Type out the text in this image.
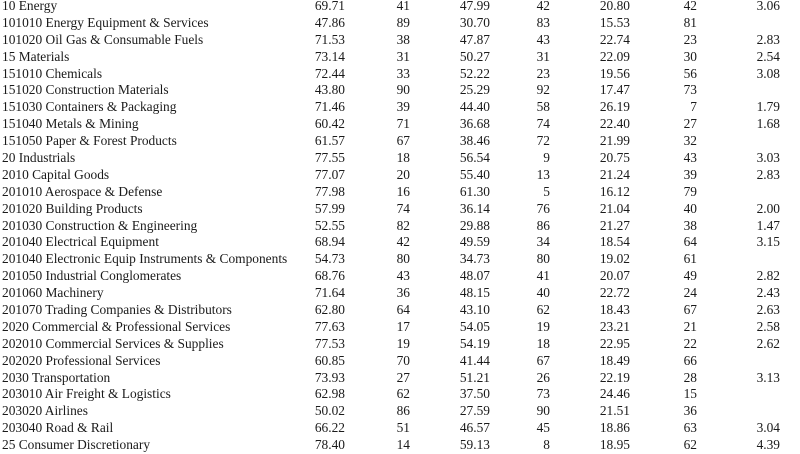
10 Energy	69.71	41	47.99	42	20.80	42	3.06
101010 Energy Equipment & Services	47.86	89	30.70	83	15.53	81
101020 Oil Gas & Consumable Fuels	71.53	38	47.87	43	22.74	23	2.83
15 Materials	73.14	31	50.27	31	22.09	30	2.54
151010 Chemicals	72.44	33	52.22	23	19.56	56	3.08
151020 Construction Materials	43.80	90	25.29	92	17.47	73
151030 Containers & Packaging	71.46	39	44.40	58	26.19	7	1.79
151040 Metals & Mining	60.42	71	36.68	74	22.40	27	1.68
151050 Paper & Forest Products	61.57	67	38.46	72	21.99	32
20 Industrials	77.55	18	56.54	9	20.75	43	3.03
2010 Capital Goods	77.07	20	55.40	13	21.24	39	2.83
201010 Aerospace & Defense	77.98	16	61.30	5	16.12	79
201020 Building Products	57.99	74	36.14	76	21.04	40	2.00
201030 Construction & Engineering	52.55	82	29.88	86	21.27	38	1.47
201040 Electrical Equipment	68.94	42	49.59	34	18.54	64	3.15
201040 Electronic Equip Instruments & Components 54.73	80	34.73	80	19.02	61
201050 Industrial Conglomerates	68.76	43	48.07	41	20.07	49	2.82
201060 Machinery	71.64	36	48.15	40	22.72	24	2.43
201070 Trading Companies & Distributors	62.80	64	43.10	62	18.43	67	2.63
2020 Commercial & Professional Services	77.63	17	54.05	19	23.21	21	2.58
202010 Commercial Services & Supplies	77.53	19	54.19	18	22.95	22	2.62
202020 Professional Services	60.85	70	41.44	67	18.49	66
2030 Transportation	73.93	27	51.21	26	22.19	28	3.13
203010 Air Freight & Logistics	62.98	62	37.50	73	24.46	15
203020 Airlines	50.02	86	27.59	90	21.51	36
203040 Road & Rail	66.22	51	46.57	45	18.86	63	3.04
25 Consumer Discretionary	78.40	14	59.13	8	18.95	62	4.39
